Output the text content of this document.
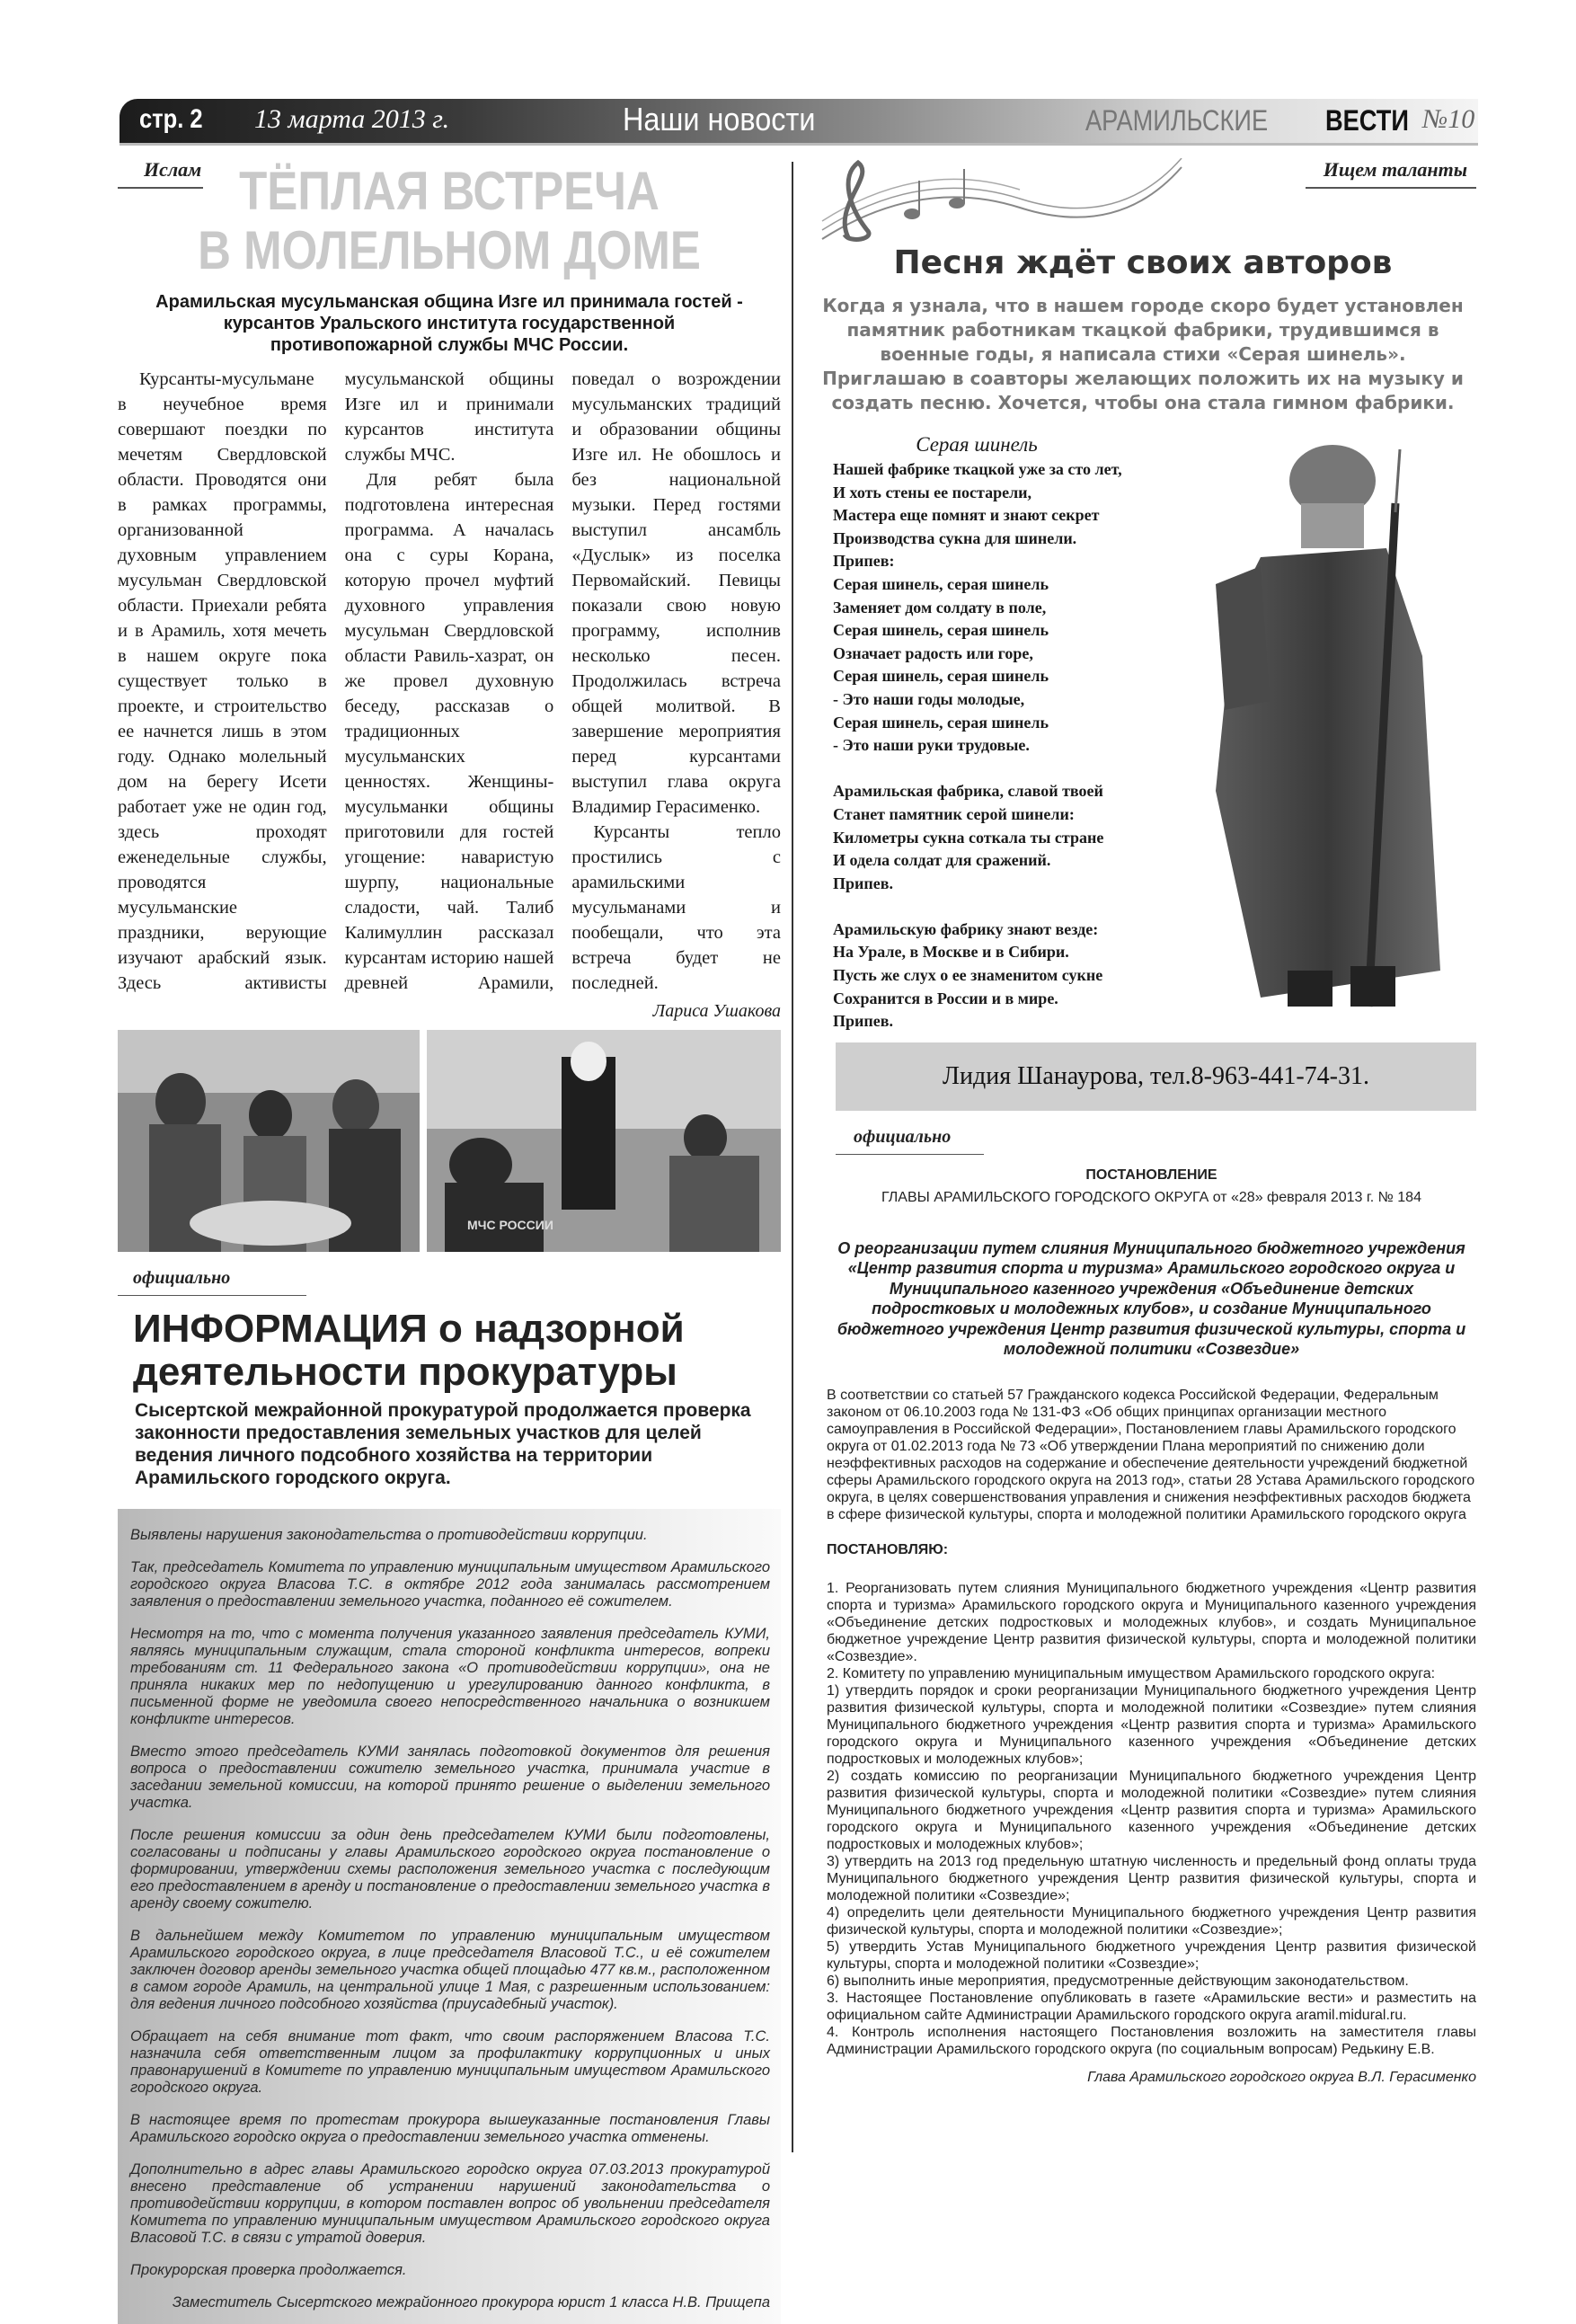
стр. 2 13 марта 2013 г.	Наши новости	АРАМИЛЬСКИЕ ВЕСТИ №10
Ислам ТЁПЛАЯ ВСТРЕЧА
В МОЛЕЛЬНОМ ДОМЕ
Арамильская мусульманская община Изге ил принимала гостей - курсантов Уральского института государственной противопожарной службы МЧС России.

Курсанты-мусульмане в неучебное время совершают поездки по мечетям Свердловской области. Проводятся они в рамках программы, организованной духовным управлением мусульман Свердловской области. Приехали ребята и в Арамиль, хотя мечеть в нашем округе пока существует только в проекте, и строительство ее начнется лишь в этом году. Однако молельный дом на берегу Исети работает уже не один год, здесь проходят еженедельные службы, проводятся мусульманские праздники, верующие изучают арабский язык. Здесь активисты мусульманской общины Изге ил и принимали курсантов института службы МЧС.

Для ребят была подготовлена интересная программа. А началась она с суры Корана, которую прочел муфтий духовного управления мусульман Свердловской области Равиль-хазрат, он же провел духовную беседу, рассказав о традиционных мусульманских ценностях. Женщины-мусульманки общины приготовили для гостей угощение: наваристую шурпу, национальные сладости, чай. Талиб Калимуллин рассказал курсантам историю нашей древней Арамили, поведал о возрождении мусульманских традиций и образовании общины Изге ил. Не обошлось и без национальной музыки. Перед гостями выступил ансамбль «Дуслык» из поселка Первомайский. Певицы показали свою новую программу, исполнив несколько песен. Продолжилась встреча общей молитвой. В завершение мероприятия перед курсантами выступил глава округа Владимир Герасименко.

Курсанты тепло простились с арамильскими мусульманами и пообещали, что эта встреча будет не последней.

Лариса Ушакова
МЧС РОССИИ
официально
ИНФОРМАЦИЯ о надзорной деятельности прокуратуры
Сысертской межрайонной прокуратурой продолжается проверка законности предоставления земельных участков для целей ведения личного подсобного хозяйства на территории Арамильского городского округа.

Выявлены нарушения законодательства о противодействии коррупции.

Так, председатель Комитета по управлению муниципальным имуществом Арамильского городского округа Власова Т.С. в октябре 2012 года занималась рассмотрением заявления о предоставлении земельного участка, поданного её сожителем.

Несмотря на то, что с момента получения указанного заявления председатель КУМИ, являясь муниципальным служащим, стала стороной конфликта интересов, вопреки требованиям ст. 11 Федерального закона «О противодействии коррупции», она не приняла никаких мер по недопущению и урегулированию данного конфликта, в письменной форме не уведомила своего непосредственного начальника о возникшем конфликте интересов.

Вместо этого председатель КУМИ занялась подготовкой документов для решения вопроса о предоставлении сожителю земельного участка, принимала участие в заседании земельной комиссии, на которой принято решение о выделении земельного участка.

После решения комиссии за один день председателем КУМИ были подготовлены, согласованы и подписаны у главы Арамильского городского округа постановление о формировании, утверждении схемы расположения земельного участка с последующим его предоставлением в аренду и постановление о предоставлении земельного участка в аренду своему сожителю.

В дальнейшем между Комитетом по управлению муниципальным имуществом Арамильского городского округа, в лице председателя Власовой Т.С., и её сожителем заключен договор аренды земельного участка общей площадью 477 кв.м., расположенном в самом городе Арамиль, на центральной улице 1 Мая, с разрешенным использованием: для ведения личного подсобного хозяйства (приусадебный участок).

Обращает на себя внимание тот факт, что своим распоряжением Власова Т.С. назначила себя ответственным лицом за профилактику коррупционных и иных правонарушений в Комитете по управлению муниципальным имуществом Арамильского городского округа.

В настоящее время по протестам прокурора вышеуказанные постановления Главы Арамильского городско округа о предоставлении земельного участка отменены.

Дополнительно в адрес главы Арамильского городско округа 07.03.2013 прокуратурой внесено представление об устранении нарушений законодательства о противодействии коррупции, в котором поставлен вопрос об увольнении председателя Комитета по управлению муниципальным имуществом Арамильского городского округа Власовой Т.С. в связи с утратой доверия.

Прокурорская проверка продолжается.

Заместитель Сысертского межрайонного прокурора юрист 1 класса Н.В. Прищепа
Ищем таланты
Песня ждёт своих авторов
Когда я узнала, что в нашем городе скоро будет установлен памятник работникам ткацкой фабрики, трудившимся в военные годы, я написала стихи «Серая шинель». Приглашаю в соавторы желающих положить их на музыку и создать песню. Хочется, чтобы она стала гимном фабрики.
Серая шинель
Нашей фабрике ткацкой уже за сто лет,
И хоть стены ее постарели,
Мастера еще помнят и знают секрет
Производства сукна для шинели.
Припев:
Серая шинель, серая шинель
Заменяет дом солдату в поле,
Серая шинель, серая шинель
Означает радость или горе,
Серая шинель, серая шинель
- Это наши годы молодые,
Серая шинель, серая шинель
- Это наши руки трудовые.
Арамильская фабрика, славой твоей
Станет памятник серой шинели:
Километры сукна соткала ты стране
И одела солдат для сражений.
Припев.
Арамильскую фабрику знают везде:
На Урале, в Москве и в Сибири.
Пусть же слух о ее знаменитом сукне
Сохранится в России и в мире.
Припев.
Лидия Шанаурова, тел.8-963-441-74-31.
официально
ПОСТАНОВЛЕНИЕ
ГЛАВЫ АРАМИЛЬСКОГО ГОРОДСКОГО ОКРУГА от «28» февраля 2013 г. № 184
О реорганизации путем слияния Муниципального бюджетного учреждения «Центр развития спорта и туризма» Арамильского городского округа и Муниципального казенного учреждения «Объединение детских подростковых и молодежных клубов», и создание Муниципального бюджетного учреждения Центр развития физической культуры, спорта и молодежной политики «Созвездие»
В соответствии со статьей 57 Гражданского кодекса Российской Федерации, Федеральным законом от 06.10.2003 года № 131-ФЗ «Об общих принципах организации местного самоуправления в Российской Федерации», Постановлением главы Арамильского городского округа от 01.02.2013 года № 73 «Об утверждении Плана мероприятий по снижению доли неэффективных расходов на содержание и обеспечение деятельности учреждений бюджетной сферы Арамильского городского округа на 2013 год», статьи 28 Устава Арамильского городского округа, в целях совершенствования управления и снижения неэффективных расходов бюджета в сфере физической культуры, спорта и молодежной политики Арамильского городского округа
ПОСТАНОВЛЯЮ:
1. Реорганизовать путем слияния Муниципального бюджетного учреждения «Центр развития спорта и туризма» Арамильского городского округа и Муниципального казенного учреждения «Объединение детских подростковых и молодежных клубов», и создать Муниципальное бюджетное учреждение Центр развития физической культуры, спорта и молодежной политики «Созвездие».
2. Комитету по управлению муниципальным имуществом Арамильского городского округа:
1) утвердить порядок и сроки реорганизации Муниципального бюджетного учреждения Центр развития физической культуры, спорта и молодежной политики «Созвездие» путем слияния Муниципального бюджетного учреждения «Центр развития спорта и туризма» Арамильского городского округа и Муниципального казенного учреждения «Объединение детских подростковых и молодежных клубов»;
2) создать комиссию по реорганизации Муниципального бюджетного учреждения Центр развития физической культуры, спорта и молодежной политики «Созвездие» путем слияния Муниципального бюджетного учреждения «Центр развития спорта и туризма» Арамильского городского округа и Муниципального казенного учреждения «Объединение детских подростковых и молодежных клубов»;
3) утвердить на 2013 год предельную штатную численность и предельный фонд оплаты труда Муниципального бюджетного учреждения Центр развития физической культуры, спорта и молодежной политики «Созвездие»;
4) определить цели деятельности Муниципального бюджетного учреждения Центр развития физической культуры, спорта и молодежной политики «Созвездие»;
5) утвердить Устав Муниципального бюджетного учреждения Центр развития физической культуры, спорта и молодежной политики «Созвездие»;
6) выполнить иные мероприятия, предусмотренные действующим законодательством.
3. Настоящее Постановление опубликовать в газете «Арамильские вести» и разместить на официальном сайте Администрации Арамильского городского округа aramil.midural.ru.
4. Контроль исполнения настоящего Постановления возложить на заместителя главы Администрации Арамильского городского округа (по социальным вопросам) Редькину Е.В.
Глава Арамильского городского округа В.Л. Герасименко
